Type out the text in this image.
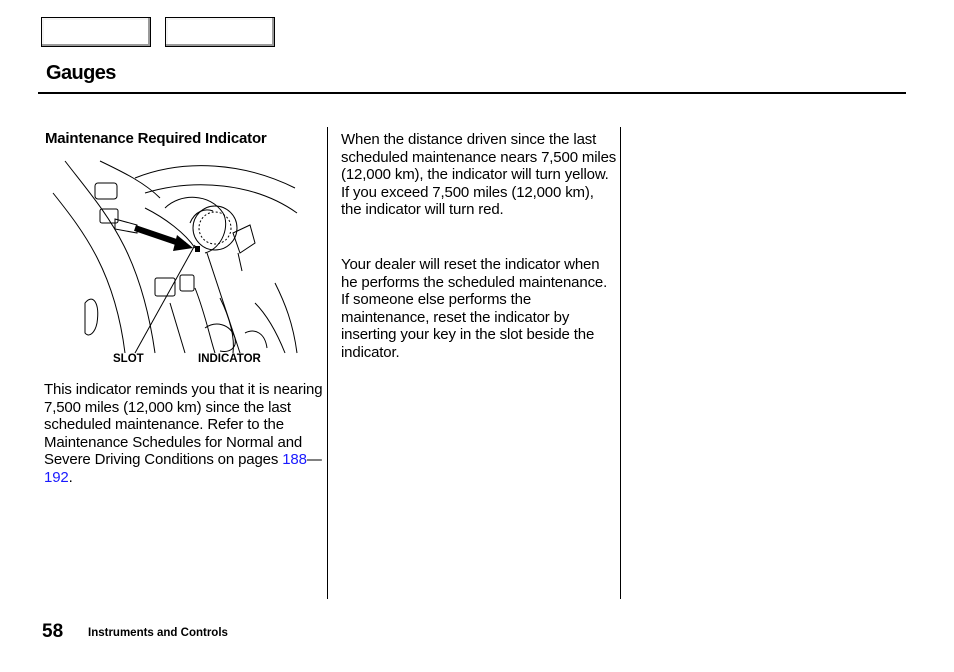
Gauges
Maintenance Required Indicator
SLOT	INDICATOR
This indicator reminds you that it is nearing 7,500 miles (12,000 km) since the last scheduled maintenance. Refer to the Maintenance Schedules for Normal and Severe Driving Conditions on pages 188—192.
When the distance driven since the last scheduled maintenance nears 7,500 miles (12,000 km), the indicator will turn yellow. If you exceed 7,500 miles (12,000 km), the indicator will turn red.
Your dealer will reset the indicator when he performs the scheduled maintenance. If someone else performs the maintenance, reset the indicator by inserting your key in the slot beside the indicator.
58 Instruments and Controls
